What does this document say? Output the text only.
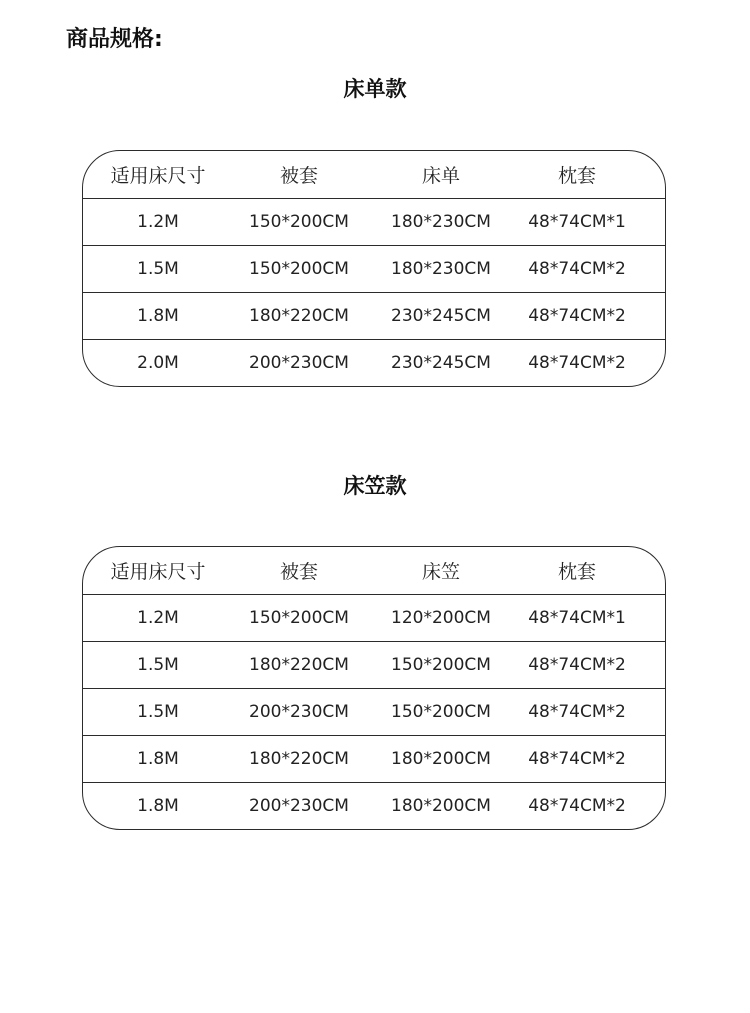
商品规格:
床单款
适用床尺寸	被套	床单	枕套
1.2M	150*200CM	180*230CM	48*74CM*1
1.5M	150*200CM	180*230CM	48*74CM*2
1.8M	180*220CM	230*245CM	48*74CM*2
2.0M	200*230CM	230*245CM	48*74CM*2
床笠款
适用床尺寸	被套	床笠	枕套
1.2M	150*200CM	120*200CM	48*74CM*1
1.5M	180*220CM	150*200CM	48*74CM*2
1.5M	200*230CM	150*200CM	48*74CM*2
1.8M	180*220CM	180*200CM	48*74CM*2
1.8M	200*230CM	180*200CM	48*74CM*2
